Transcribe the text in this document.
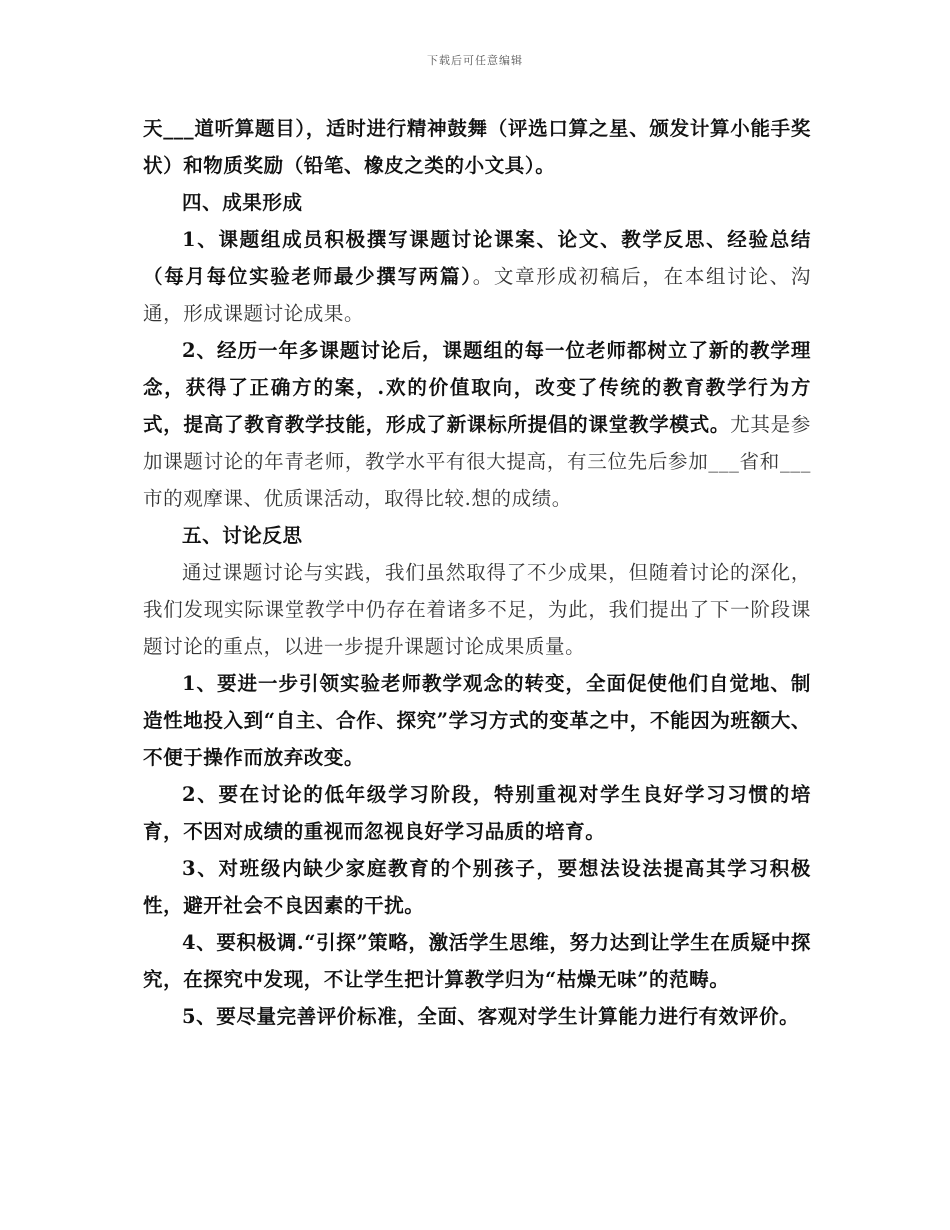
下载后可任意编辑

天___道听算题目），适时进行精神鼓舞（评选口算之星、颁发计算小能手奖状）和物质奖励（铅笔、橡皮之类的小文具）。

四、成果形成

1、课题组成员积极撰写课题讨论课案、论文、教学反思、经验总结（每月每位实验老师最少撰写两篇）。文章形成初稿后，在本组讨论、沟通，形成课题讨论成果。

2、经历一年多课题讨论后，课题组的每一位老师都树立了新的教学理念，获得了正确方的案，.欢的价值取向，改变了传统的教育教学行为方式，提高了教育教学技能，形成了新课标所提倡的课堂教学模式。尤其是参加课题讨论的年青老师，教学水平有很大提高，有三位先后参加___省和___市的观摩课、优质课活动，取得比较.想的成绩。

五、讨论反思

通过课题讨论与实践，我们虽然取得了不少成果，但随着讨论的深化，我们发现实际课堂教学中仍存在着诸多不足，为此，我们提出了下一阶段课题讨论的重点，以进一步提升课题讨论成果质量。

1、要进一步引领实验老师教学观念的转变，全面促使他们自觉地、制造性地投入到“自主、合作、探究”学习方式的变革之中，不能因为班额大、不便于操作而放弃改变。

2、要在讨论的低年级学习阶段，特别重视对学生良好学习习惯的培育，不因对成绩的重视而忽视良好学习品质的培育。

3、对班级内缺少家庭教育的个别孩子，要想法设法提高其学习积极性，避开社会不良因素的干扰。

4、要积极调.“引探”策略，激活学生思维，努力达到让学生在质疑中探究，在探究中发现，不让学生把计算教学归为“枯燥无味”的范畴。

5、要尽量完善评价标准，全面、客观对学生计算能力进行有效评价。
